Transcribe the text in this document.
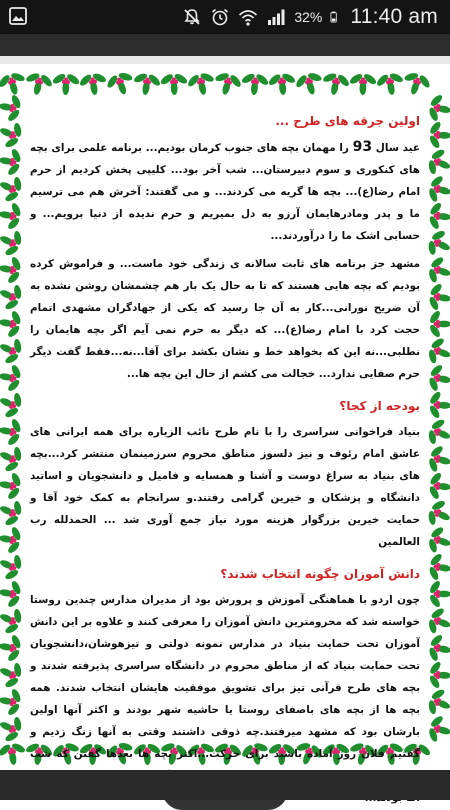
32% 11:40 am
اولین جرقه های طرح ...

عید سال 93 را مهمان بچه های جنوب کرمان بودیم... برنامه علمی برای بچه های کنکوری و سوم دبیرستان... شب آخر بود... کلیپی پخش کردیم از حرم امام رضا(ع)... بچه ها گریه می کردند... و می گفتند: آخرش هم می ترسیم ما و پدر ومادرهایمان آرزو به دل بمیریم و حرم ندیده از دنیا برویم... و حسابی اشک ما را درآوردند...

مشهد جز برنامه های ثابت سالانه ی زندگی خود ماست... و فراموش کرده بودیم که بچه هایی هستند که تا به حال یک بار هم چشمشان روشن نشده به آن ضریح نورانی...کار به آن جا رسید که یکی از جهادگران مشهدی اتمام حجت کرد با امام رضا(ع)... که دیگر به حرم نمی آیم اگر بچه هایمان را نطلبی...نه این که بخواهد خط و نشان بکشد برای آقا...نه...فقط گفت دیگر حرم صفایی ندارد... خجالت می کشم از حال این بچه ها...

بودجه از کجا؟

بنیاد فراخوانی سراسری را با نام طرح نائب الزیاره برای همه ایرانی های عاشق امام رئوف و نیز دلسوز مناطق محروم سرزمینمان منتشر کرد...بچه های بنیاد به سراغ دوست و آشنا و همسایه و فامیل و دانشجویان و اساتید دانشگاه و پزشکان و خیرین گرامی رفتند.و سرانجام به کمک خود آقا و حمایت خیرین بزرگوار هزینه مورد نیاز جمع آوری شد ... الحمدلله رب العالمین

دانش آموزان چگونه انتخاب شدند؟

چون اردو با هماهنگی آموزش و پرورش بود از مدیران مدارس چندین روستا خواسته شد که محرومترین دانش آموزان را معرفی کنند و علاوه بر این دانش آموزان تحت حمایت بنیاد در مدارس نمونه دولتی و تیزهوشان،دانشجویان تحت حمایت بنیاد که از مناطق محروم در دانشگاه سراسری پذیرفته شدند و بچه های طرح قرآنی تیز برای تشویق موفقیت هایشان انتخاب شدند. همه بچه ها از بچه های باصفای روستا یا حاشیه شهر بودند و اکثر آنها اولین بارشان بود که مشهد میرفتند.چه ذوقی داشتند وقتی به آنها زنگ زدیم و گفتیم فلان روز آماده باشید برای حرکت...اکثر بچه ها بعدها گفتن که شب
